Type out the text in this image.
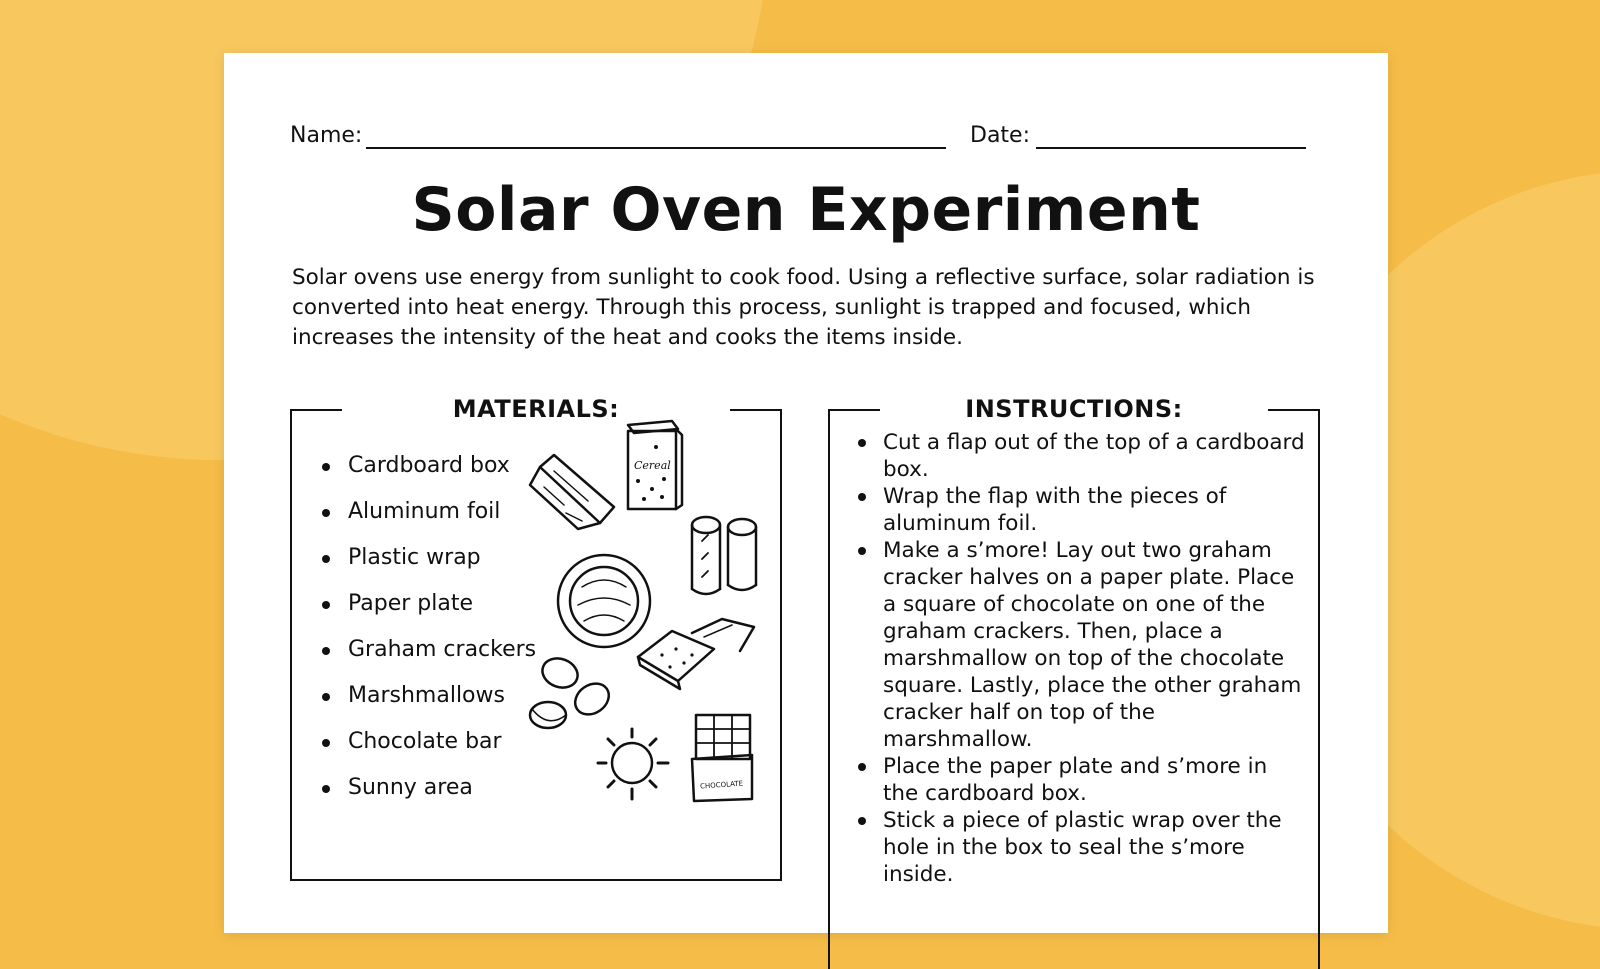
Name:	Date:
Solar Oven Experiment
Solar ovens use energy from sunlight to cook food. Using a reflective surface, solar radiation is converted into heat energy. Through this process, sunlight is trapped and focused, which increases the intensity of the heat and cooks the items inside.
MATERIALS:
Cardboard box
Aluminum foil
Plastic wrap
Paper plate
Graham crackers
Marshmallows
Chocolate bar
Sunny area
Cereal
CHOCOLATE
INSTRUCTIONS:
Cut a flap out of the top of a cardboard box.
Wrap the flap with the pieces of aluminum foil.
Make a s’more! Lay out two graham cracker halves on a paper plate. Place a square of chocolate on one of the graham crackers. Then, place a marshmallow on top of the chocolate square. Lastly, place the other graham cracker half on top of the marshmallow.
Place the paper plate and s’more in the cardboard box.
Stick a piece of plastic wrap over the hole in the box to seal the s’more inside.
